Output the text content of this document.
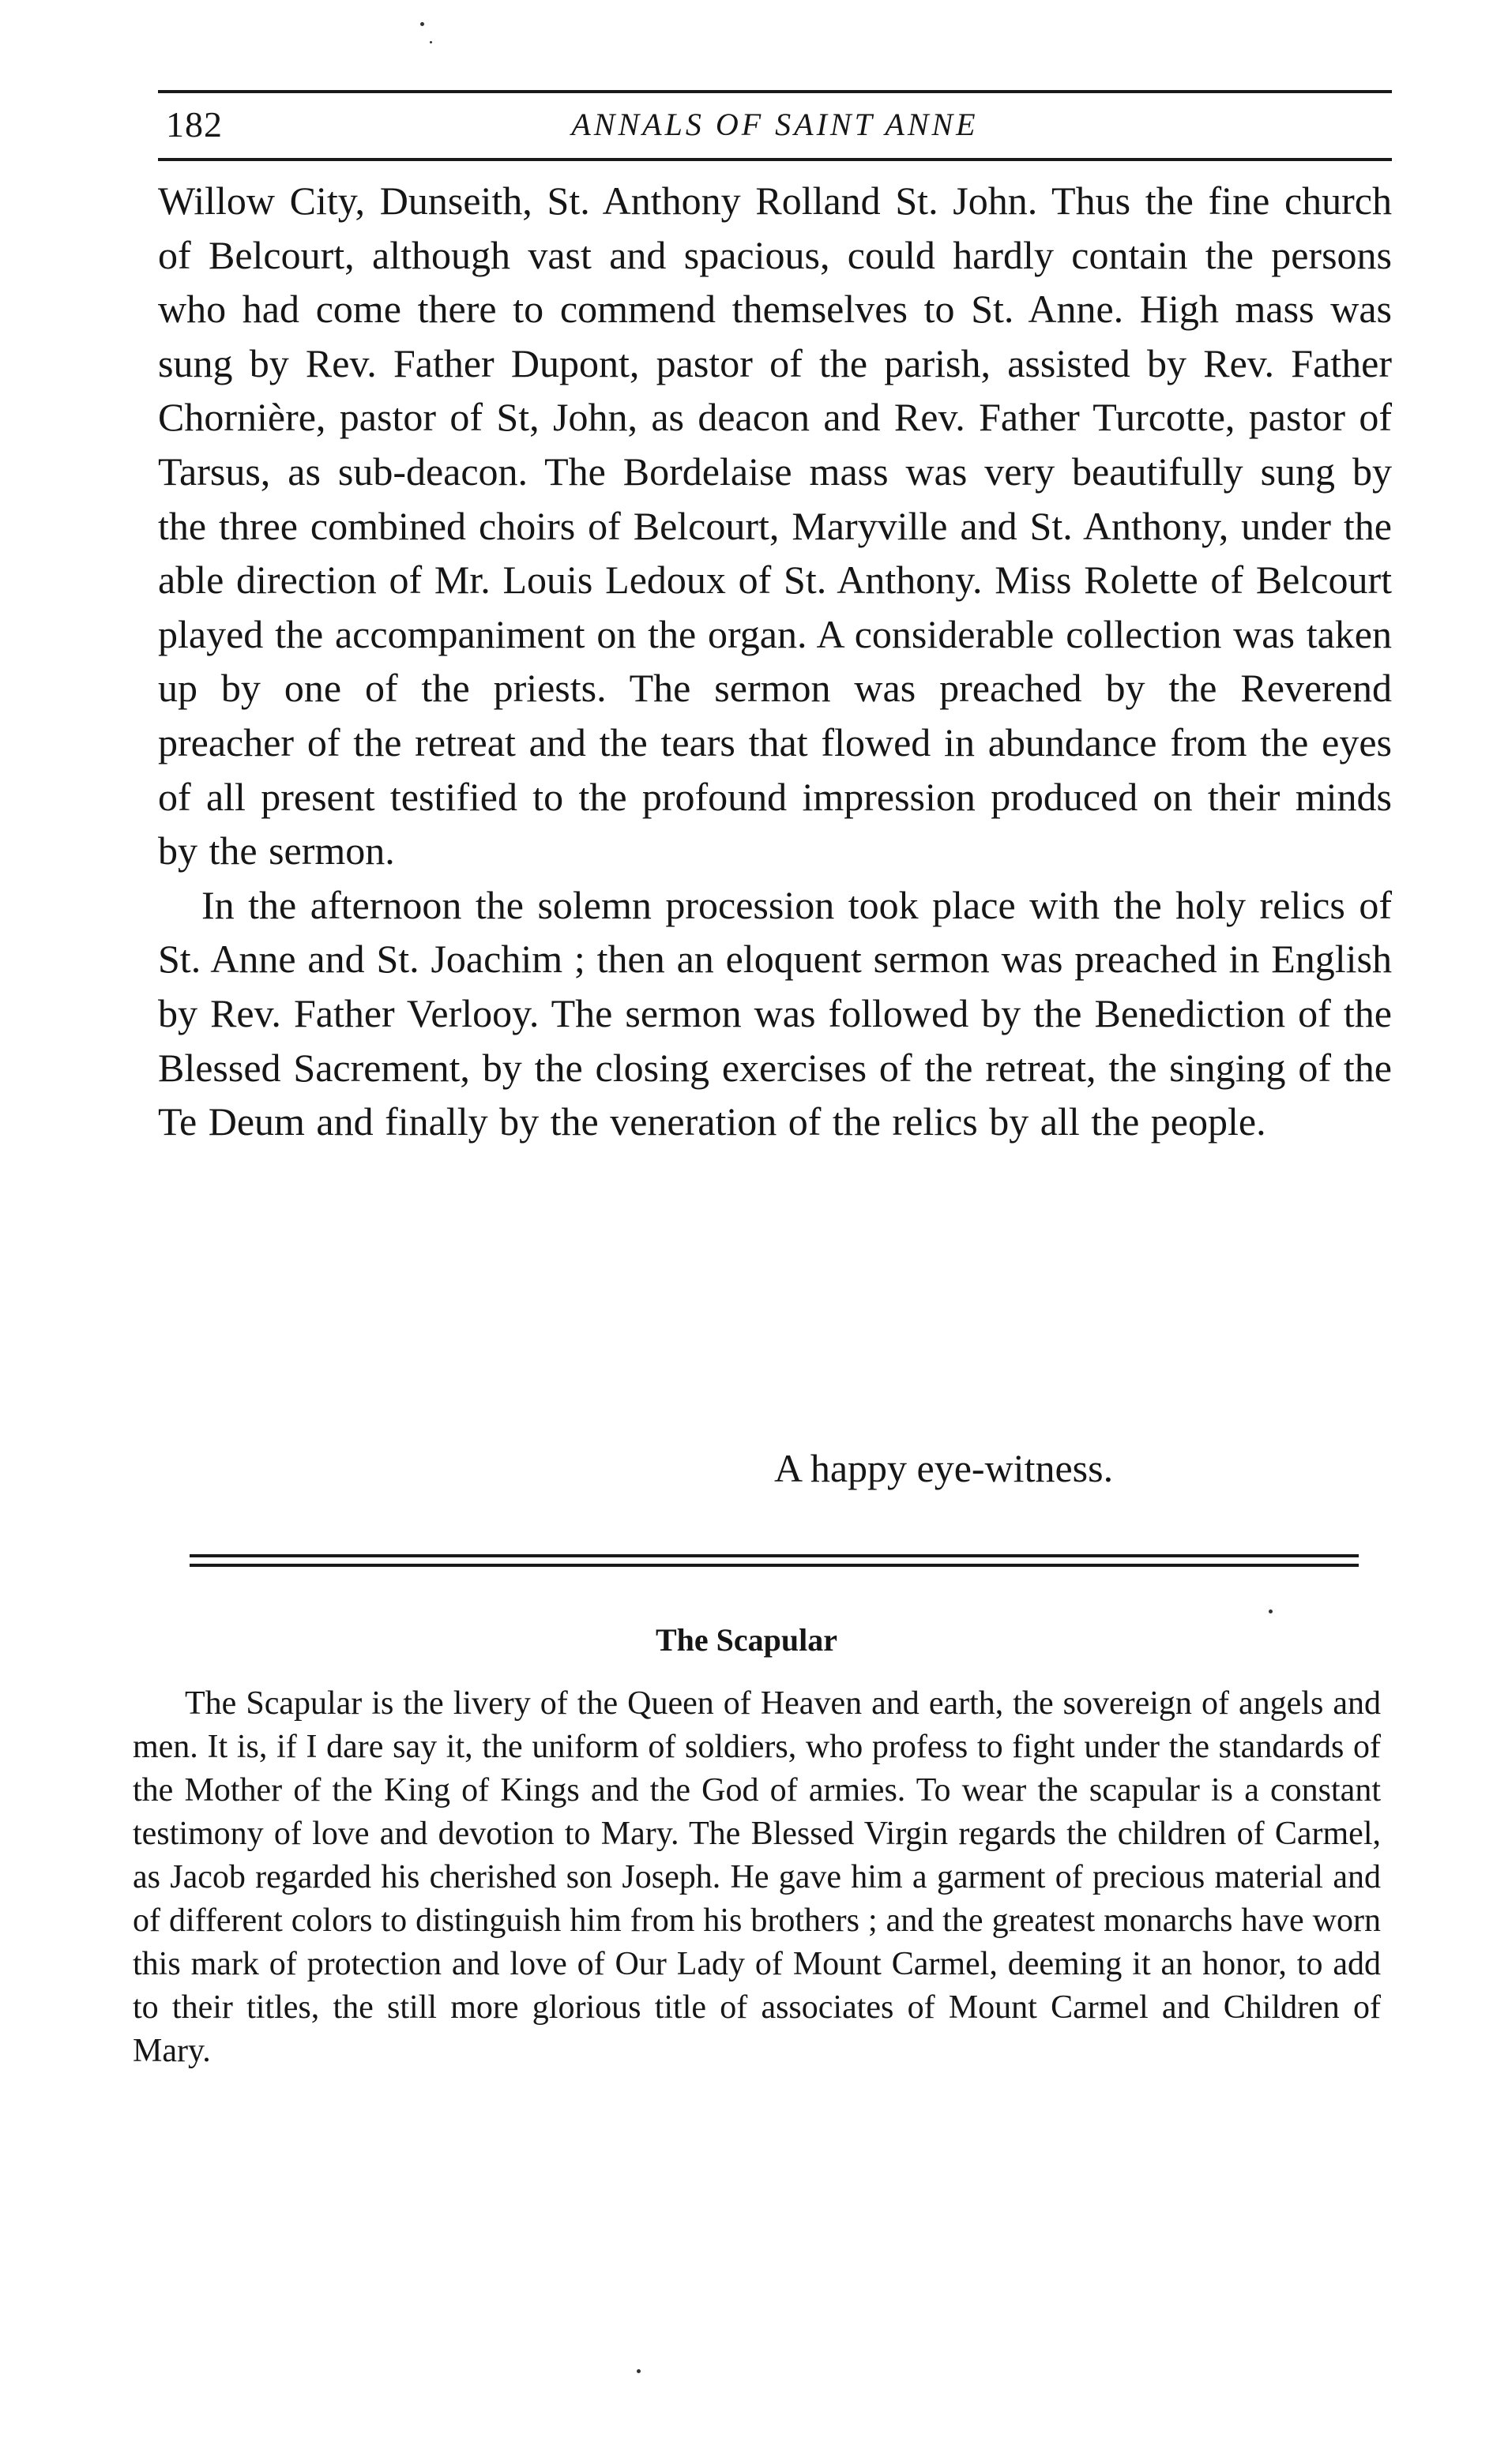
182	ANNALS OF SAINT ANNE

Willow City, Dunseith, St. Anthony Rolland St. John. Thus the fine church of Belcourt, although vast and spacious, could hardly contain the persons who had come there to commend themselves to St. Anne. High mass was sung by Rev. Father Dupont, pastor of the parish, assisted by Rev. Father Chornière, pastor of St, John, as deacon and Rev. Father Turcotte, pastor of Tarsus, as sub-deacon. The Bordelaise mass was very beautifully sung by the three combined choirs of Belcourt, Maryville and St. Anthony, under the able direction of Mr. Louis Ledoux of St. Anthony. Miss Rolette of Belcourt played the accompaniment on the organ. A considerable collection was taken up by one of the priests. The sermon was preached by the Reverend preacher of the retreat and the tears that flowed in abundance from the eyes of all present testified to the profound impression produced on their minds by the sermon.

In the afternoon the solemn procession took place with the holy relics of St. Anne and St. Joachim ; then an eloquent sermon was preached in English by Rev. Father Verlooy. The sermon was followed by the Benediction of the Blessed Sacrement, by the closing exercises of the retreat, the singing of the Te Deum and finally by the veneration of the relics by all the people.

A happy eye-witness.
The Scapular

The Scapular is the livery of the Queen of Heaven and earth, the sovereign of angels and men. It is, if I dare say it, the uniform of soldiers, who profess to fight under the standards of the Mother of the King of Kings and the God of armies. To wear the scapular is a constant testimony of love and devotion to Mary. The Blessed Virgin regards the children of Carmel, as Jacob regarded his cherished son Joseph. He gave him a garment of precious material and of different colors to distinguish him from his brothers ; and the greatest monarchs have worn this mark of protection and love of Our Lady of Mount Carmel, deeming it an honor, to add to their titles, the still more glorious title of associates of Mount Carmel and Children of Mary.
